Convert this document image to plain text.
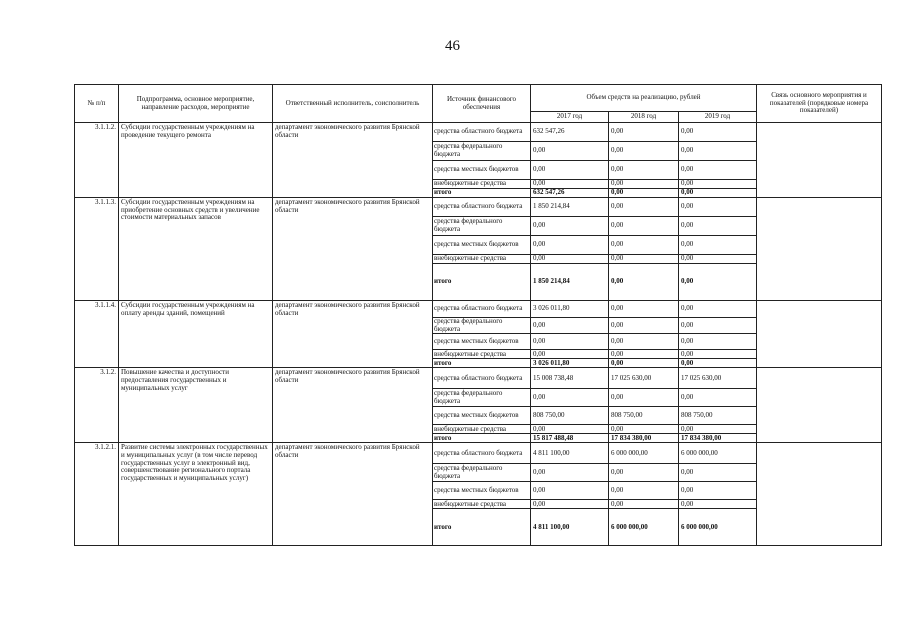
46
№ п/п	Подпрограмма, основное мероприятие, направление расходов, мероприятие	Ответственный исполнитель, соисполнитель	Источник финансового обеспечения	Объем средств на реализацию, рублей			Связь основного мероприятия и показателей (порядковые номера показателей)
				2017 год	2018 год	2019 год	
3.1.1.2.	Субсидии государственным учреждениям на проведение текущего ремонта	департамент экономического развития Брянской области	средства областного бюджета	632 547,26	0,00	0,00	
			средства федерального бюджета	0,00	0,00	0,00	
			средства местных бюджетов	0,00	0,00	0,00	
			внебюджетные средства	0,00	0,00	0,00	
			итого	632 547,26	0,00	0,00	
3.1.1.3.	Субсидии государственным учреждениям на приобретение основных средств и увеличение стоимости материальных запасов	департамент экономического развития Брянской области	средства областного бюджета	1 850 214,84	0,00	0,00	
			средства федерального бюджета	0,00	0,00	0,00	
			средства местных бюджетов	0,00	0,00	0,00	
			внебюджетные средства	0,00	0,00	0,00	
			итого	1 850 214,84	0,00	0,00	
3.1.1.4.	Субсидии государственным учреждениям на оплату аренды зданий, помещений	департамент экономического развития Брянской области	средства областного бюджета	3 026 011,80	0,00	0,00	
			средства федерального бюджета	0,00	0,00	0,00	
			средства местных бюджетов	0,00	0,00	0,00	
			внебюджетные средства	0,00	0,00	0,00	
			итого	3 026 011,80	0,00	0,00	
3.1.2.	Повышение качества и доступности предоставления государственных и муниципальных услуг	департамент экономического развития Брянской области	средства областного бюджета	15 008 738,48	17 025 630,00	17 025 630,00	
			средства федерального бюджета	0,00	0,00	0,00	
			средства местных бюджетов	808 750,00	808 750,00	808 750,00	
			внебюджетные средства	0,00	0,00	0,00	
			итого	15 817 488,48	17 834 380,00	17 834 380,00	
3.1.2.1.	Развитие системы электронных государственных и муниципальных услуг (в том числе перевод государственных услуг в электронный вид, совершенствование регионального портала государственных и муниципальных услуг)	департамент экономического развития Брянской области	средства областного бюджета	4 811 100,00	6 000 000,00	6 000 000,00	
			средства федерального бюджета	0,00	0,00	0,00	
			средства местных бюджетов	0,00	0,00	0,00	
			внебюджетные средства	0,00	0,00	0,00	
			итого	4 811 100,00	6 000 000,00	6 000 000,00	
